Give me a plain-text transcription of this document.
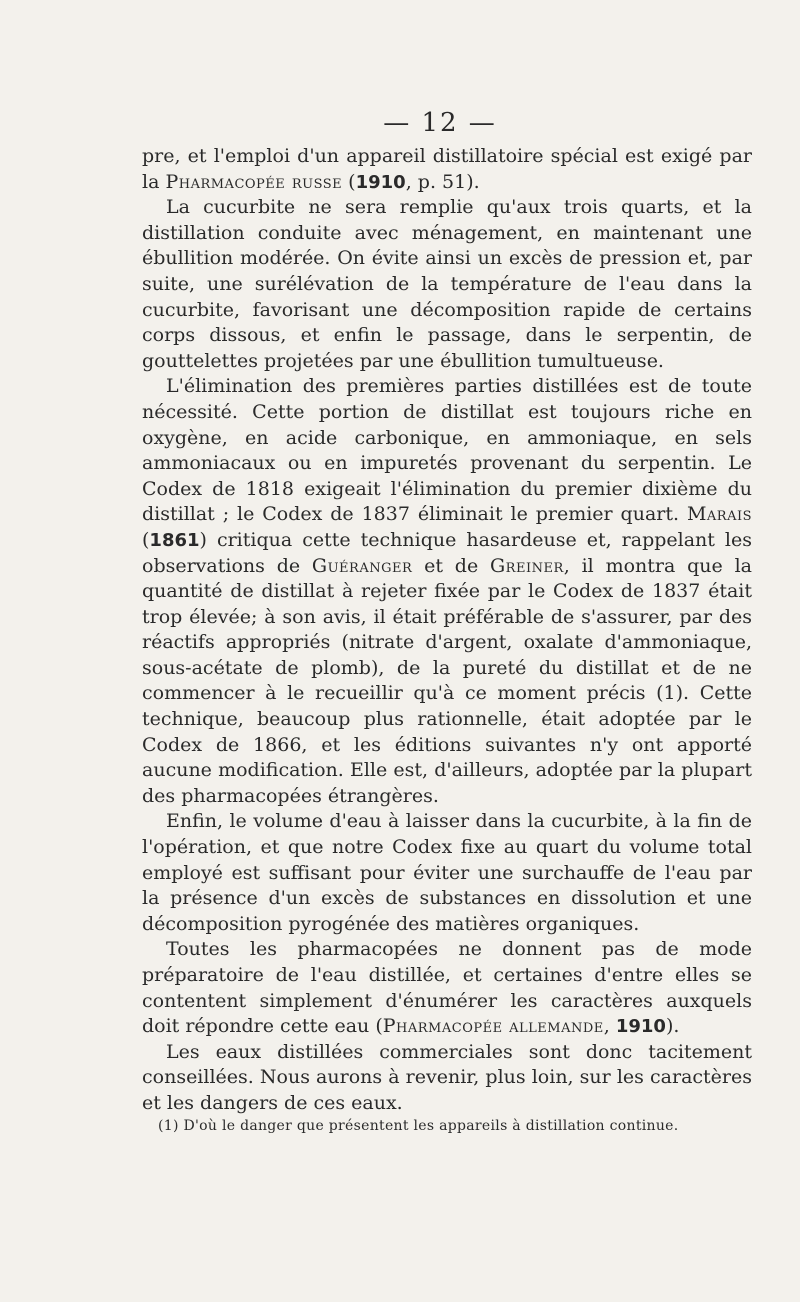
— 12 —

pre, et l'emploi d'un appareil distillatoire spécial est exigé par la Pharmacopée russe (1910, p. 51).

La cucurbite ne sera remplie qu'aux trois quarts, et la distillation conduite avec ménagement, en maintenant une ébullition modérée. On évite ainsi un excès de pression et, par suite, une surélévation de la température de l'eau dans la cucurbite, favorisant une décomposition rapide de certains corps dissous, et enfin le passage, dans le serpentin, de gouttelettes projetées par une ébullition tumultueuse.

L'élimination des premières parties distillées est de toute nécessité. Cette portion de distillat est toujours riche en oxygène, en acide carbonique, en ammoniaque, en sels ammoniacaux ou en impuretés provenant du serpentin. Le Codex de 1818 exigeait l'élimination du premier dixième du distillat ; le Codex de 1837 éliminait le premier quart. Marais (1861) critiqua cette technique hasardeuse et, rappelant les observations de Guéranger et de Greiner, il montra que la quantité de distillat à rejeter fixée par le Codex de 1837 était trop élevée; à son avis, il était préférable de s'assurer, par des réactifs appropriés (nitrate d'argent, oxalate d'ammoniaque, sous-acétate de plomb), de la pureté du distillat et de ne commencer à le recueillir qu'à ce moment précis (1). Cette technique, beaucoup plus rationnelle, était adoptée par le Codex de 1866, et les éditions suivantes n'y ont apporté aucune modification. Elle est, d'ailleurs, adoptée par la plupart des pharmacopées étrangères.

Enfin, le volume d'eau à laisser dans la cucurbite, à la fin de l'opération, et que notre Codex fixe au quart du volume total employé est suffisant pour éviter une surchauffe de l'eau par la présence d'un excès de substances en dissolution et une décomposition pyrogénée des matières organiques.

Toutes les pharmacopées ne donnent pas de mode préparatoire de l'eau distillée, et certaines d'entre elles se contentent simplement d'énumérer les caractères auxquels doit répondre cette eau (Pharmacopée allemande, 1910).

Les eaux distillées commerciales sont donc tacitement conseillées. Nous aurons à revenir, plus loin, sur les caractères et les dangers de ces eaux.

(1) D'où le danger que présentent les appareils à distillation continue.
